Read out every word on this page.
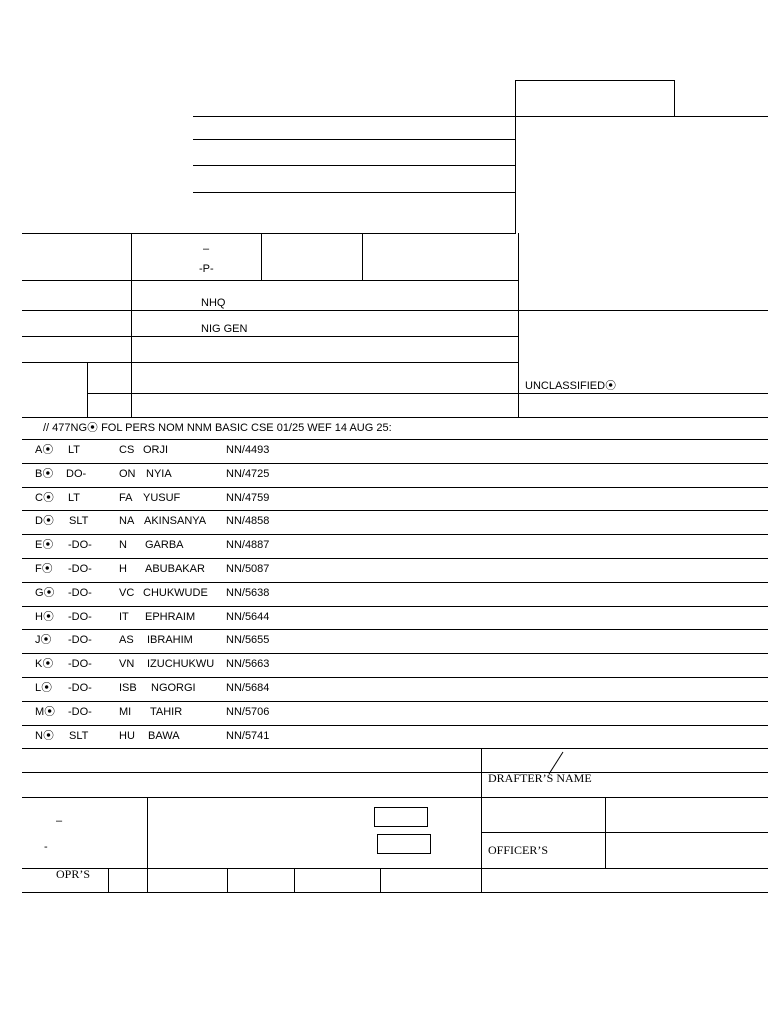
–
-P-
NHQ
NIG GEN
UNCLASSIFIED⦿
// 477NG⦿ FOL PERS NOM NNM BASIC CSE 01/25 WEF 14 AUG 25:
A⦿ LT	CS ORJI	NN/4493
B⦿ DO-	ON NYIA	NN/4725
C⦿ LT	FA YUSUF	NN/4759
D⦿ SLT	NA AKINSANYA NN/4858
E⦿ -DO- N GARBA	NN/4887
F⦿ -DO- H ABUBAKAR NN/5087
G⦿ -DO- VC CHUKWUDE NN/5638
H⦿ -DO- IT EPHRAIM	NN/5644
J⦿ -DO- AS IBRAHIM	NN/5655
K⦿ -DO- VN IZUCHUKWU NN/5663
L⦿ -DO- ISB NGORGI	NN/5684
M⦿ -DO- MI TAHIR	NN/5706
N⦿ SLT	HU BAWA	NN/5741
DRAFTER’S NAME
OFFICER’S
OPR’S
–
-
